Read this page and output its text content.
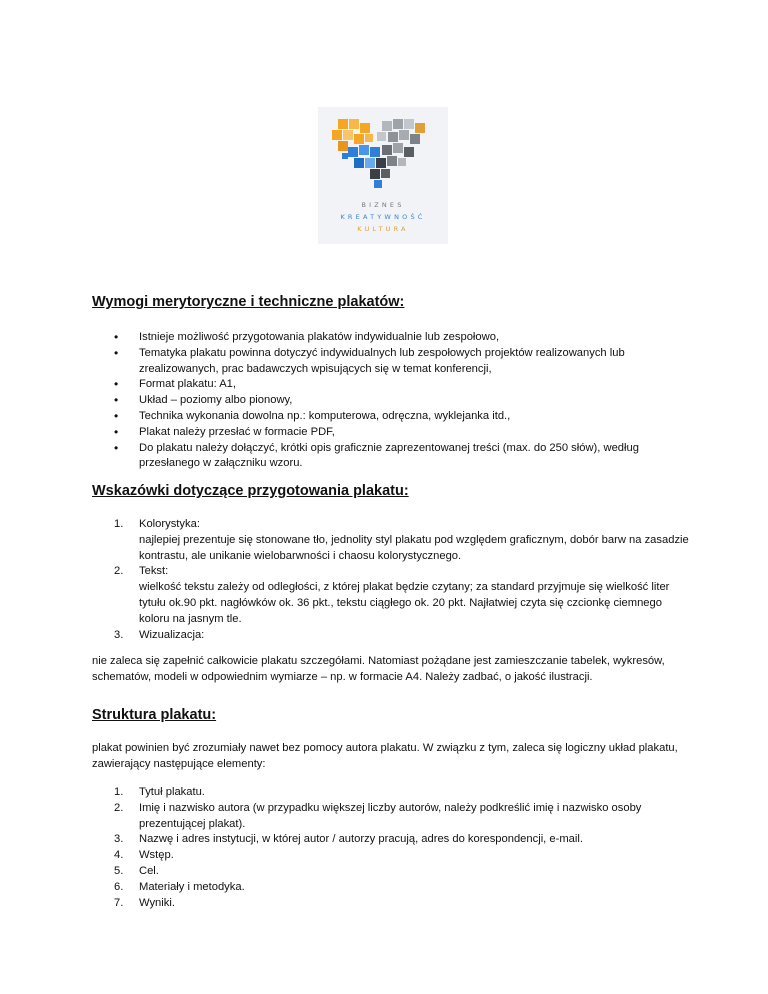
BIZNES
KREATYWNOŚĆ
KULTURA
Wymogi merytoryczne i techniczne plakatów:
• Istnieje możliwość przygotowania plakatów indywidualnie lub zespołowo,
• Tematyka plakatu powinna dotyczyć indywidualnych lub zespołowych projektów realizowanych lub zrealizowanych, prac badawczych wpisujących się w temat konferencji,
• Format plakatu: A1,
• Układ – poziomy albo pionowy,
• Technika wykonania dowolna np.: komputerowa, odręczna, wyklejanka itd.,
• Plakat należy przesłać w formacie PDF,
• Do plakatu należy dołączyć, krótki opis graficznie zaprezentowanej treści (max. do 250 słów), według przesłanego w załączniku wzoru.
Wskazówki dotyczące przygotowania plakatu:
1. Kolorystyka:
najlepiej prezentuje się stonowane tło, jednolity styl plakatu pod względem graficznym, dobór barw na zasadzie kontrastu, ale unikanie wielobarwności i chaosu kolorystycznego.
2. Tekst:
wielkość tekstu zależy od odległości, z której plakat będzie czytany; za standard przyjmuje się wielkość liter tytułu ok.90 pkt. nagłówków ok. 36 pkt., tekstu ciągłego ok. 20 pkt. Najłatwiej czyta się czcionkę ciemnego koloru na jasnym tle.
3. Wizualizacja:

nie zaleca się zapełnić całkowicie plakatu szczegółami. Natomiast pożądane jest zamieszczanie tabelek, wykresów, schematów, modeli w odpowiednim wymiarze – np. w formacie A4. Należy zadbać, o jakość ilustracji.

Struktura plakatu:

plakat powinien być zrozumiały nawet bez pomocy autora plakatu. W związku z tym, zaleca się logiczny układ plakatu, zawierający następujące elementy:

1. Tytuł plakatu.
2. Imię i nazwisko autora (w przypadku większej liczby autorów, należy podkreślić imię i nazwisko osoby prezentującej plakat).
3. Nazwę i adres instytucji, w której autor / autorzy pracują, adres do korespondencji, e-mail.
4. Wstęp.
5. Cel.
6. Materiały i metodyka.
7. Wyniki.
